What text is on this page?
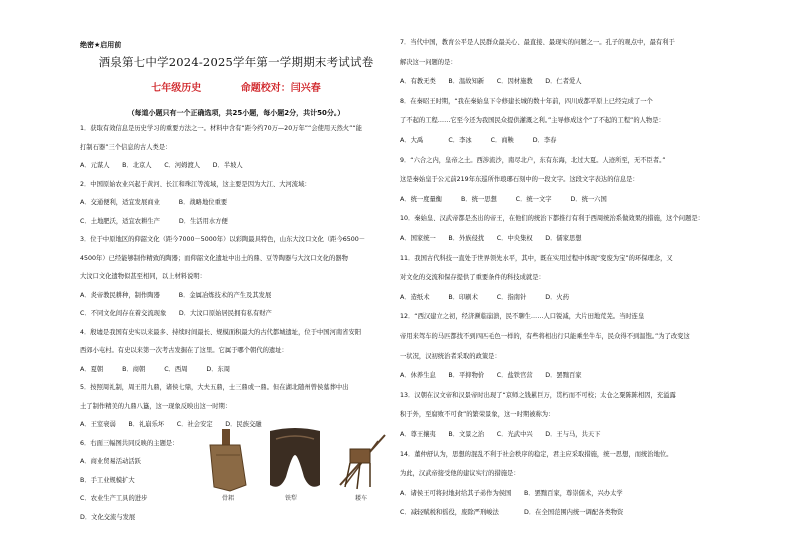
绝密★启用前
酒泉第七中学2024-2025学年第一学期期末考试试卷
七年级历史	命题校对：闫兴春
（每道小题只有一个正确选项，共25小题，每小题2分，共计50分。）
1．获取有效信息是历史学习的重要方法之一。材料中含有“距今约70万—20万年”“会使用天然火”“能
打制石器”三个信息的古人类是：
A．元谋人　　B．北京人　　C．河姆渡人　　D．半坡人
2．中国原始农业兴起于黄河、长江和珠江等流域，这主要是因为大江、大河流域：
A．交通便利，适宜发展商业　　　B．战略地位重要
C．土地肥沃，适宜农耕生产　　　D．生活用水方便
3．位于中原地区的仰韶文化（距今7000－5000年）以彩陶最具特色，山东大汶口文化（距今6500－
4500年）已经能够制作精致的陶器；而仰韶文化遗址中出土的鼎、豆等陶器与大汶口文化的器物
大汶口文化遗物似甚至相同，以上材料说明：
A．炎帝教民耕种，制作陶器　　　B．金属冶炼技术的产生及其发展
C．不同文化间存在着交流现象　　D．大汶口原始居民拥有私有财产
4．殷墟是我国有史实以来最多、持续时间最长、规模面积最大的古代都城遗址，位于中国河南省安阳
西郊小屯村。有史以来第一次考古发掘在了这里。它属于哪个朝代的遗址：
A．夏朝　　　B．商朝　　　C．西周　　　D．东周
5．按照周礼制，周王用九鼎，诸侯七鼎，大夫五鼎，士三鼎或一鼎。但在湖北随州曾侯墓葬中出
土了制作精美的九鼎八簋，这一现象反映出这一时期：
A．王室衰弱　　B．礼崩乐坏　　C．社会安定　　D．民族交融
6．右面三幅图共同反映的主题是：
A．商业贸易活动活跃
B．手工业规模扩大
C．农业生产工具的进步
D．文化交流与发展
7．当代中国，教育公平是人民群众最关心、最直接、最现实的问题之一。孔子的观点中，最有利于
解决这一问题的是：
A．有教无类　　B．温故知新　　C．因材施教　　D．仁者爱人
8．在秦昭王时期，“我在秦始皇下令修建长城的数十年前，四川成都平原上已经完成了一个
了不起的工程……它至今还为我国民众提供灌溉之利。”主导修成这个“了不起的工程”的人物是：
A．大禹　　　　C．李冰　　　C．商鞅　　　D．李春
9．“六合之内，皇帝之土。西涉流沙，南尽北户，东有东海，北过大夏。人迹所至，无不臣者。”
这是秦始皇于公元前219年东巡所作琅琊石刻中的一段文字。这段文字表达的信息是：
A．统一度量衡　　　B．统一思想　　　C．统一文字　　　D．统一六国
10．秦始皇、汉武帝都是杰出的帝王，在他们的统治下都推行有利于西周统治系做效果的措施，这个问题是：
A．国家统一　　B．外族侵扰　　C．中央集权　　D．儒家思想
11．我国古代科技一直处于世界领先水平，其中，既在实用过程中体现“变废为宝”的环保理念，又
对文化的交流和保存提供了重要条件的科技成就是：
A．造纸术　　　B．印刷术　　　C．指南针　　　D．火药
12．“西汉建立之初，经济濒临崩溃，民不聊生……人口锐减，大片田地荒芜。当时连皇
帝用来驾车的马匹都找不到四匹毛色一样的，有些将相出行只能乘坐牛车，民众得不到温饱。”为了改变这
一状况，汉初统治者采取的政策是：
A．休养生息　　B．平抑物价　　C．盐铁官营　　D．罢黜百家
13．汉朝在汉文帝和汉景帝时出现了“京师之钱累巨万，贯朽而不可校；太仓之粟陈陈相因，充溢露
积于外，至腐败不可食”的繁荣景象，这一时期被称为：
A．尊王攘夷　　B．文景之治　　C．光武中兴　　D．王与马，共天下
14．董仲舒认为，思想的混乱不利于社会秩序的稳定，君主应采取措施，统一思想，而统治地位。
为此，汉武帝接受他的建议实行的措施是：
A．诸侯王可将封地封给其子弟作为侯国　　B．罢黜百家，尊崇儒术，兴办太学
C．减轻赋税和徭役，废除严刑峻法　　　　D．在全国范围内统一调配各类物资
骨耜	铁犁	耧车
